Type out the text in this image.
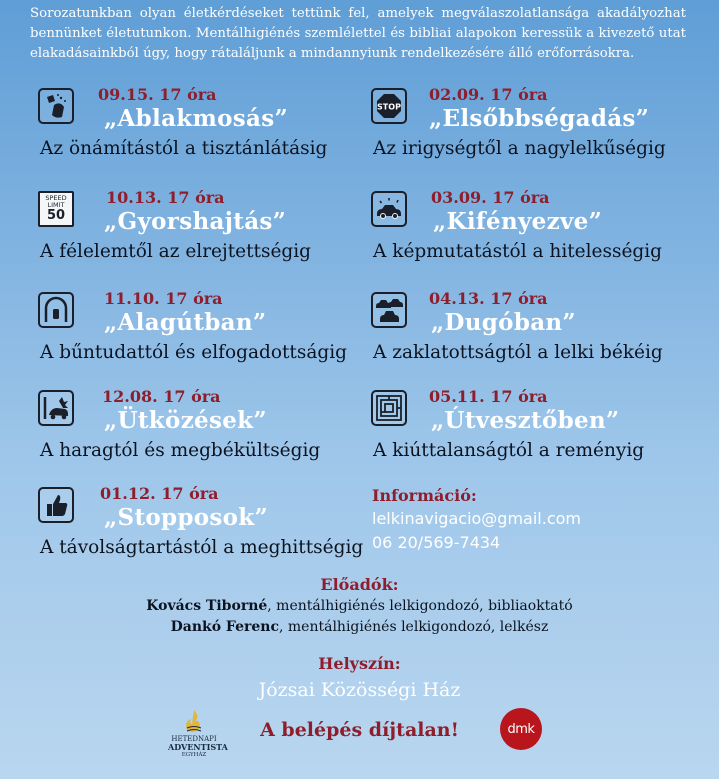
Sorozatunkban olyan életkérdéseket tettünk fel, amelyek megválaszolatlansága akadályozhat bennünket életutunkon. Mentálhigiénés szemlélettel és bibliai alapokon keressük a kivezető utat elakadásainkból úgy, hogy rátaláljunk a mindannyiunk rendelkezésére álló erőforrásokra.
09.15. 17 óra
„Ablakmosás”
Az önámítástól a tisztánlátásig
SPEED
LIMIT
50
10.13. 17 óra
„Gyorshajtás”
A félelemtől az elrejtettségig
11.10. 17 óra
„Alagútban”
A bűntudattól és elfogadottságig
12.08. 17 óra
„Ütközések”
A haragtól és megbékültségig
01.12. 17 óra
„Stopposok”
A távolságtartástól a meghittségig
STOP
02.09. 17 óra
„Elsőbbségadás”
Az irigységtől a nagylelkűségig
03.09. 17 óra
„Kifényezve”
A képmutatástól a hitelességig
04.13. 17 óra
„Dugóban”
A zaklatottságtól a lelki békéig
05.11. 17 óra
„Útvesztőben”
A kiúttalanságtól a reményig
Információ:
lelkinavigacio@gmail.com
06 20/569-7434
Előadók:
Kovács Tiborné, mentálhigiénés lelkigondozó, bibliaoktató
Dankó Ferenc, mentálhigiénés lelkigondozó, lelkész
Helyszín:
Józsai Közösségi Ház
A belépés díjtalan!
HETEDNAPI
ADVENTISTA
EGYHÁZ
dmk
